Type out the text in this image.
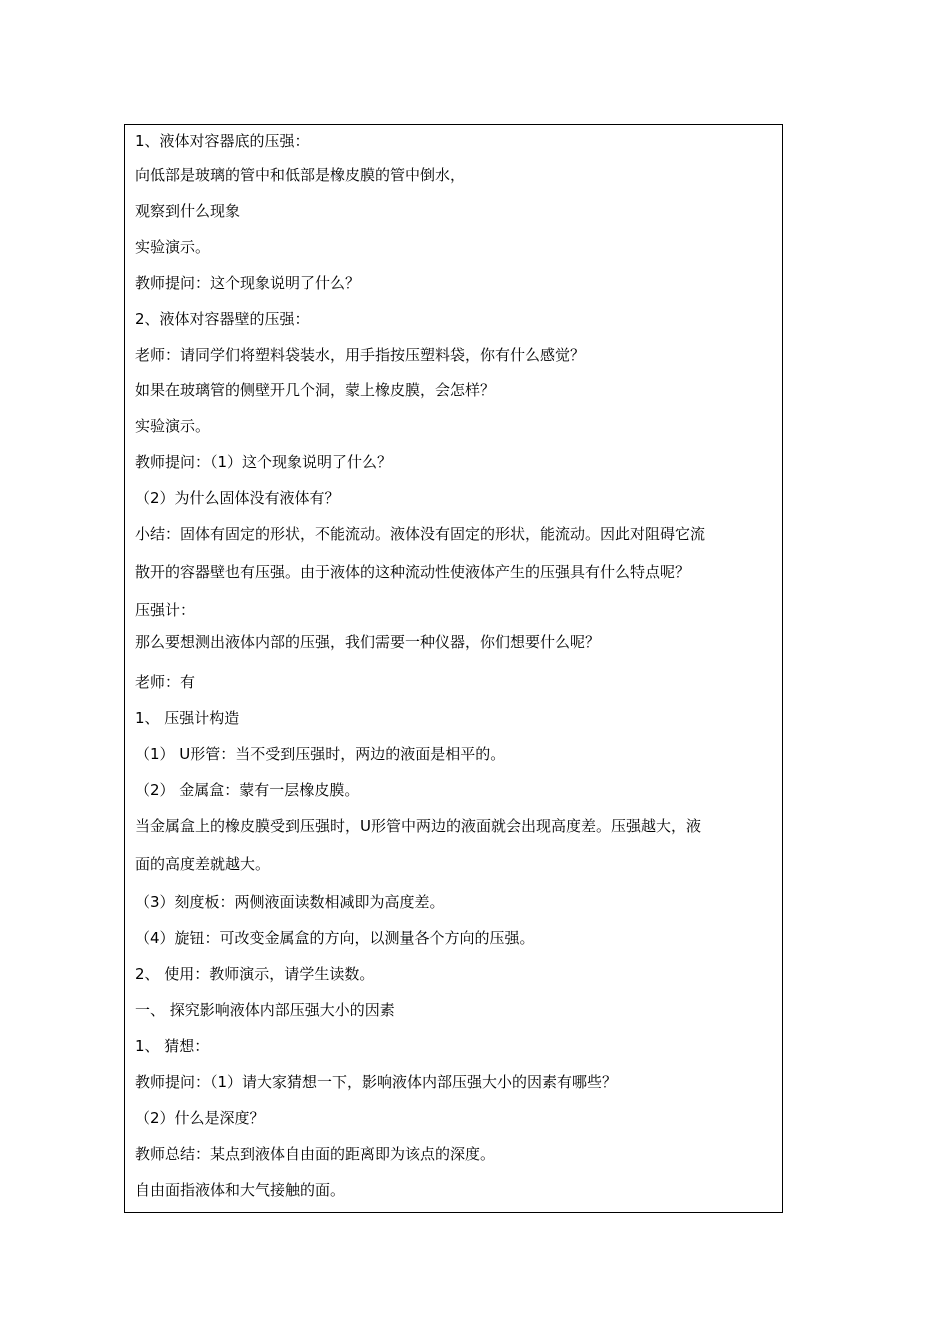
1、液体对容器底的压强：

向低部是玻璃的管中和低部是橡皮膜的管中倒水，

观察到什么现象

实验演示。

教师提问：这个现象说明了什么？

2、液体对容器壁的压强：

老师：请同学们将塑料袋装水，用手指按压塑料袋，你有什么感觉？

如果在玻璃管的侧壁开几个洞，蒙上橡皮膜，会怎样？

实验演示。

教师提问：（1）这个现象说明了什么？

（2）为什么固体没有液体有？

小结：固体有固定的形状，不能流动。液体没有固定的形状，能流动。因此对阻碍它流

散开的容器壁也有压强。由于液体的这种流动性使液体产生的压强具有什么特点呢？

压强计：

那么要想测出液体内部的压强，我们需要一种仪器，你们想要什么呢？

老师：有

1、 压强计构造

（1） U形管：当不受到压强时，两边的液面是相平的。

（2） 金属盒：蒙有一层橡皮膜。

当金属盒上的橡皮膜受到压强时，U形管中两边的液面就会出现高度差。压强越大，液

面的高度差就越大。

（3）刻度板：两侧液面读数相减即为高度差。

（4）旋钮：可改变金属盒的方向，以测量各个方向的压强。

2、 使用：教师演示，请学生读数。

一、 探究影响液体内部压强大小的因素

1、 猜想：

教师提问：（1）请大家猜想一下，影响液体内部压强大小的因素有哪些？

（2）什么是深度？

教师总结：某点到液体自由面的距离即为该点的深度。

自由面指液体和大气接触的面。
